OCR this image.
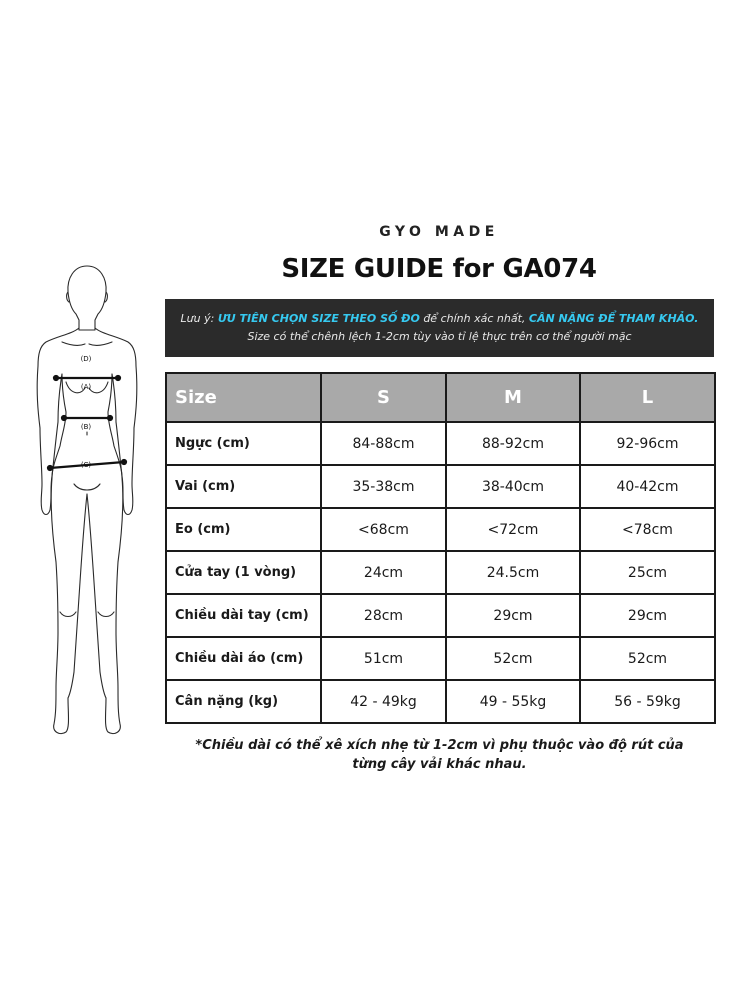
(D)
(A)
(B)
(C)
GYO MADE
SIZE GUIDE for GA074
Lưu ý: ƯU TIÊN CHỌN SIZE THEO SỐ ĐO để chính xác nhất, CÂN NẶNG ĐỂ THAM KHẢO.
Size có thể chênh lệch 1-2cm tùy vào tỉ lệ thực trên cơ thể người mặc
Size	S	M	L
Ngực (cm)	84-88cm	88-92cm	92-96cm
Vai (cm)	35-38cm	38-40cm	40-42cm
Eo (cm)	<68cm	<72cm	<78cm
Cửa tay (1 vòng)	24cm	24.5cm	25cm
Chiều dài tay (cm)	28cm	29cm	29cm
Chiều dài áo (cm)	51cm	52cm	52cm
Cân nặng (kg)	42 - 49kg	49 - 55kg	56 - 59kg
*Chiều dài có thể xê xích nhẹ từ 1-2cm vì phụ thuộc vào độ rút của
từng cây vải khác nhau.
